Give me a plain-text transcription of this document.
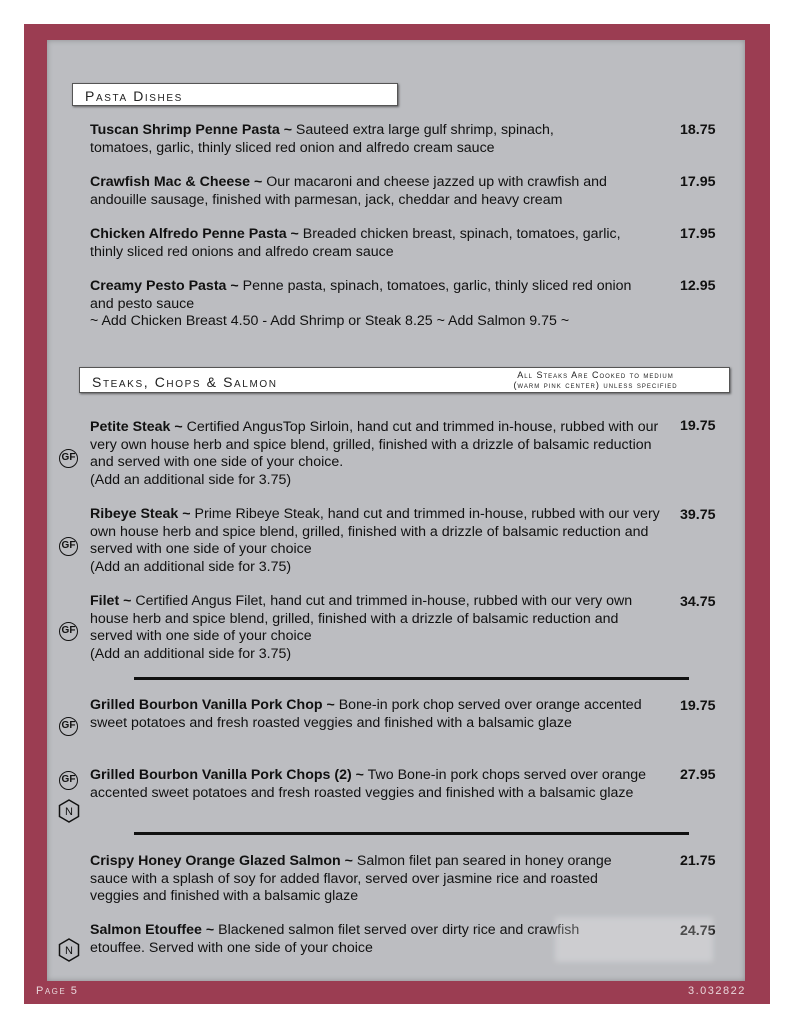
Pasta Dishes
Tuscan Shrimp Penne Pasta ~ Sauteed extra large gulf shrimp, spinach, tomatoes, garlic, thinly sliced red onion and alfredo cream sauce
18.75
Crawfish Mac & Cheese ~ Our macaroni and cheese jazzed up with crawfish and andouille sausage, finished with parmesan, jack, cheddar and heavy cream
17.95
Chicken Alfredo Penne Pasta ~ Breaded chicken breast, spinach, tomatoes, garlic, thinly sliced red onions and alfredo cream sauce
17.95
Creamy Pesto Pasta ~ Penne pasta, spinach, tomatoes, garlic, thinly sliced red onion and pesto sauce
~ Add Chicken Breast 4.50 - Add Shrimp or Steak 8.25 ~ Add Salmon 9.75 ~
12.95
Steaks, Chops & Salmon	All Steaks Are Cooked to medium
(warm pink center) unless specified
Petite Steak ~ Certified AngusTop Sirloin, hand cut and trimmed in-house, rubbed with our very own house herb and spice blend, grilled, finished with a drizzle of balsamic reduction and served with one side of your choice.
(Add an additional side for 3.75)
19.75
GF
Ribeye Steak ~ Prime Ribeye Steak, hand cut and trimmed in-house, rubbed with our very own house herb and spice blend, grilled, finished with a drizzle of balsamic reduction and served with one side of your choice
(Add an additional side for 3.75)
39.75
GF
Filet ~ Certified Angus Filet, hand cut and trimmed in-house, rubbed with our very own house herb and spice blend, grilled, finished with a drizzle of balsamic reduction and served with one side of your choice
(Add an additional side for 3.75)
34.75
GF
Grilled Bourbon Vanilla Pork Chop ~ Bone-in pork chop served over orange accented sweet potatoes and fresh roasted veggies and finished with a balsamic glaze
19.75
GF
Grilled Bourbon Vanilla Pork Chops (2) ~ Two Bone-in pork chops served over orange accented sweet potatoes and fresh roasted veggies and finished with a balsamic glaze
27.95
GF
N
Crispy Honey Orange Glazed Salmon ~ Salmon filet pan seared in honey orange sauce with a splash of soy for added flavor, served over jasmine rice and roasted veggies and finished with a balsamic glaze
21.75
Salmon Etouffee ~ Blackened salmon filet served over dirty rice and crawfish etouffee. Served with one side of your choice
24.75
N
Page 5	3.032822
